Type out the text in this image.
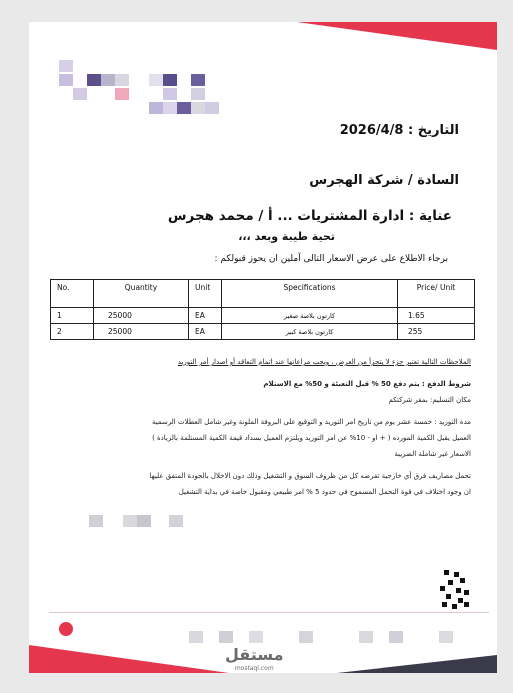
التاريخ : 2026/4/8
السادة / شركة الهجرس
عناية : ادارة المشتريات ... أ / محمد هجرس
تحية طيبة وبعد ،،،
برجاء الاطلاع على عرض الاسعار التالى آملين ان يحوز قبولكم :
No.	Quantity	Unit	Specifications	Price/ Unit
1	25000	EA	كارتون بلاصة صغير	1.65
2	25000	EA	كارتون بلاصة كبير	255

الملاحظات التالية تعتبر جزء لا يتجزأ من العرض ، ويجب مراعاتها عند اتمام التعاقد أو اصدار أمر التوريد

شروط الدفع : يتم دفع 50 % قبل التعبئة و 50% مع الاستلام

مكان التسليم: بمقر شركتكم

مدة التوريد : خمسة عشر يوم من تاريخ امر التوريد و التوقيع على البروفة الملونة وغير شامل العطلات الرسمية

العميل يقبل الكمية المورده ( + او - 10% عن امر التوريد ويلتزم العميل بسداد قيمة الكمية المستلمة بالزيادة )

الاسعار غير شاملة الضريبة

تحمل مصاريف فرق أي خارجية تفرضه كل من ظروف السوق و التشغيل وذلك دون الاخلال بالجودة المتفق عليها

ان وجود اختلاف في قوة التحمل المسموح في حدود 5 % امر طبيعي ومقبول خاصة في بداية التشغيل

مستقل
mostaql.com
